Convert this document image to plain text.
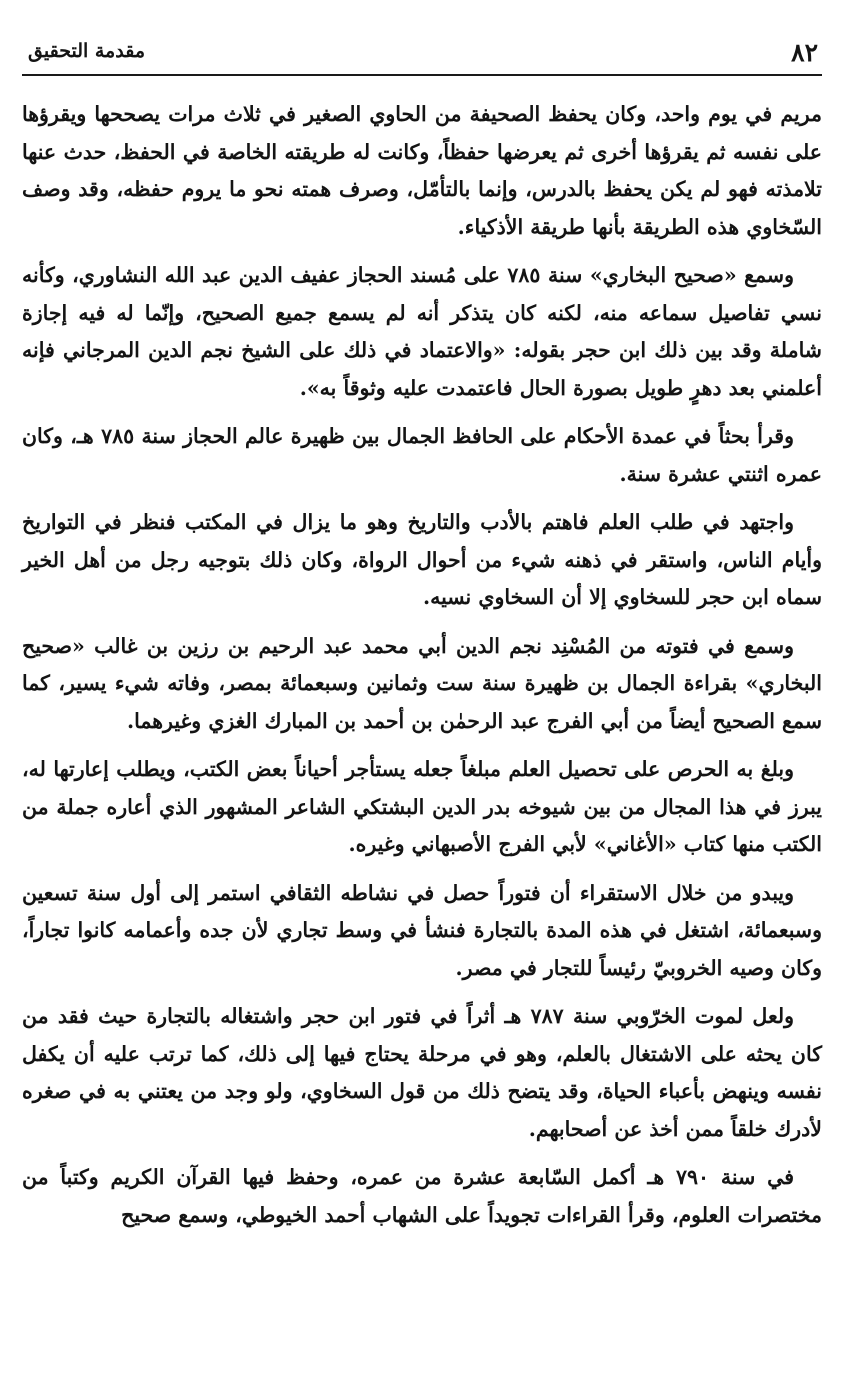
٨٢
مقدمة التحقيق

مريم في يوم واحد، وكان يحفظ الصحيفة من الحاوي الصغير في ثلاث مرات يصححها ويقرؤها على نفسه ثم يقرؤها أخرى ثم يعرضها حفظاً، وكانت له طريقته الخاصة في الحفظ، حدث عنها تلامذته فهو لم يكن يحفظ بالدرس، وإنما بالتأمّل، وصرف همته نحو ما يروم حفظه، وقد وصف السّخاوي هذه الطريقة بأنها طريقة الأذكياء.

وسمع «صحيح البخاري» سنة ٧٨٥ على مُسند الحجاز عفيف الدين عبد الله النشاوري، وكأنه نسي تفاصيل سماعه منه، لكنه كان يتذكر أنه لم يسمع جميع الصحيح، وإنّما له فيه إجازة شاملة وقد بين ذلك ابن حجر بقوله: «والاعتماد في ذلك على الشيخ نجم الدين المرجاني فإنه أعلمني بعد دهرٍ طويل بصورة الحال فاعتمدت عليه وثوقاً به».

وقرأ بحثاً في عمدة الأحكام على الحافظ الجمال بين ظهيرة عالم الحجاز سنة ٧٨٥ هـ، وكان عمره اثنتي عشرة سنة.

واجتهد في طلب العلم فاهتم بالأدب والتاريخ وهو ما يزال في المكتب فنظر في التواريخ وأيام الناس، واستقر في ذهنه شيء من أحوال الرواة، وكان ذلك بتوجيه رجل من أهل الخير سماه ابن حجر للسخاوي إلا أن السخاوي نسيه.

وسمع في فتوته من المُسْنِد نجم الدين أبي محمد عبد الرحيم بن رزين بن غالب «صحيح البخاري» بقراءة الجمال بن ظهيرة سنة ست وثمانين وسبعمائة بمصر، وفاته شيء يسير، كما سمع الصحيح أيضاً من أبي الفرج عبد الرحمٰن بن أحمد بن المبارك الغزي وغيرهما.

وبلغ به الحرص على تحصيل العلم مبلغاً جعله يستأجر أحياناً بعض الكتب، ويطلب إعارتها له، يبرز في هذا المجال من بين شيوخه بدر الدين البشتكي الشاعر المشهور الذي أعاره جملة من الكتب منها كتاب «الأغاني» لأبي الفرج الأصبهاني وغيره.

ويبدو من خلال الاستقراء أن فتوراً حصل في نشاطه الثقافي استمر إلى أول سنة تسعين وسبعمائة، اشتغل في هذه المدة بالتجارة فنشأ في وسط تجاري لأن جده وأعمامه كانوا تجاراً، وكان وصيه الخروبيّ رئيساً للتجار في مصر.

ولعل لموت الخرّوبي سنة ٧٨٧ هـ أثراً في فتور ابن حجر واشتغاله بالتجارة حيث فقد من كان يحثه على الاشتغال بالعلم، وهو في مرحلة يحتاج فيها إلى ذلك، كما ترتب عليه أن يكفل نفسه وينهض بأعباء الحياة، وقد يتضح ذلك من قول السخاوي، ولو وجد من يعتني به في صغره لأدرك خلقاً ممن أخذ عن أصحابهم.

في سنة ٧٩٠ هـ أكمل السّابعة عشرة من عمره، وحفظ فيها القرآن الكريم وكتباً من مختصرات العلوم، وقرأ القراءات تجويداً على الشهاب أحمد الخيوطي، وسمع صحيح
